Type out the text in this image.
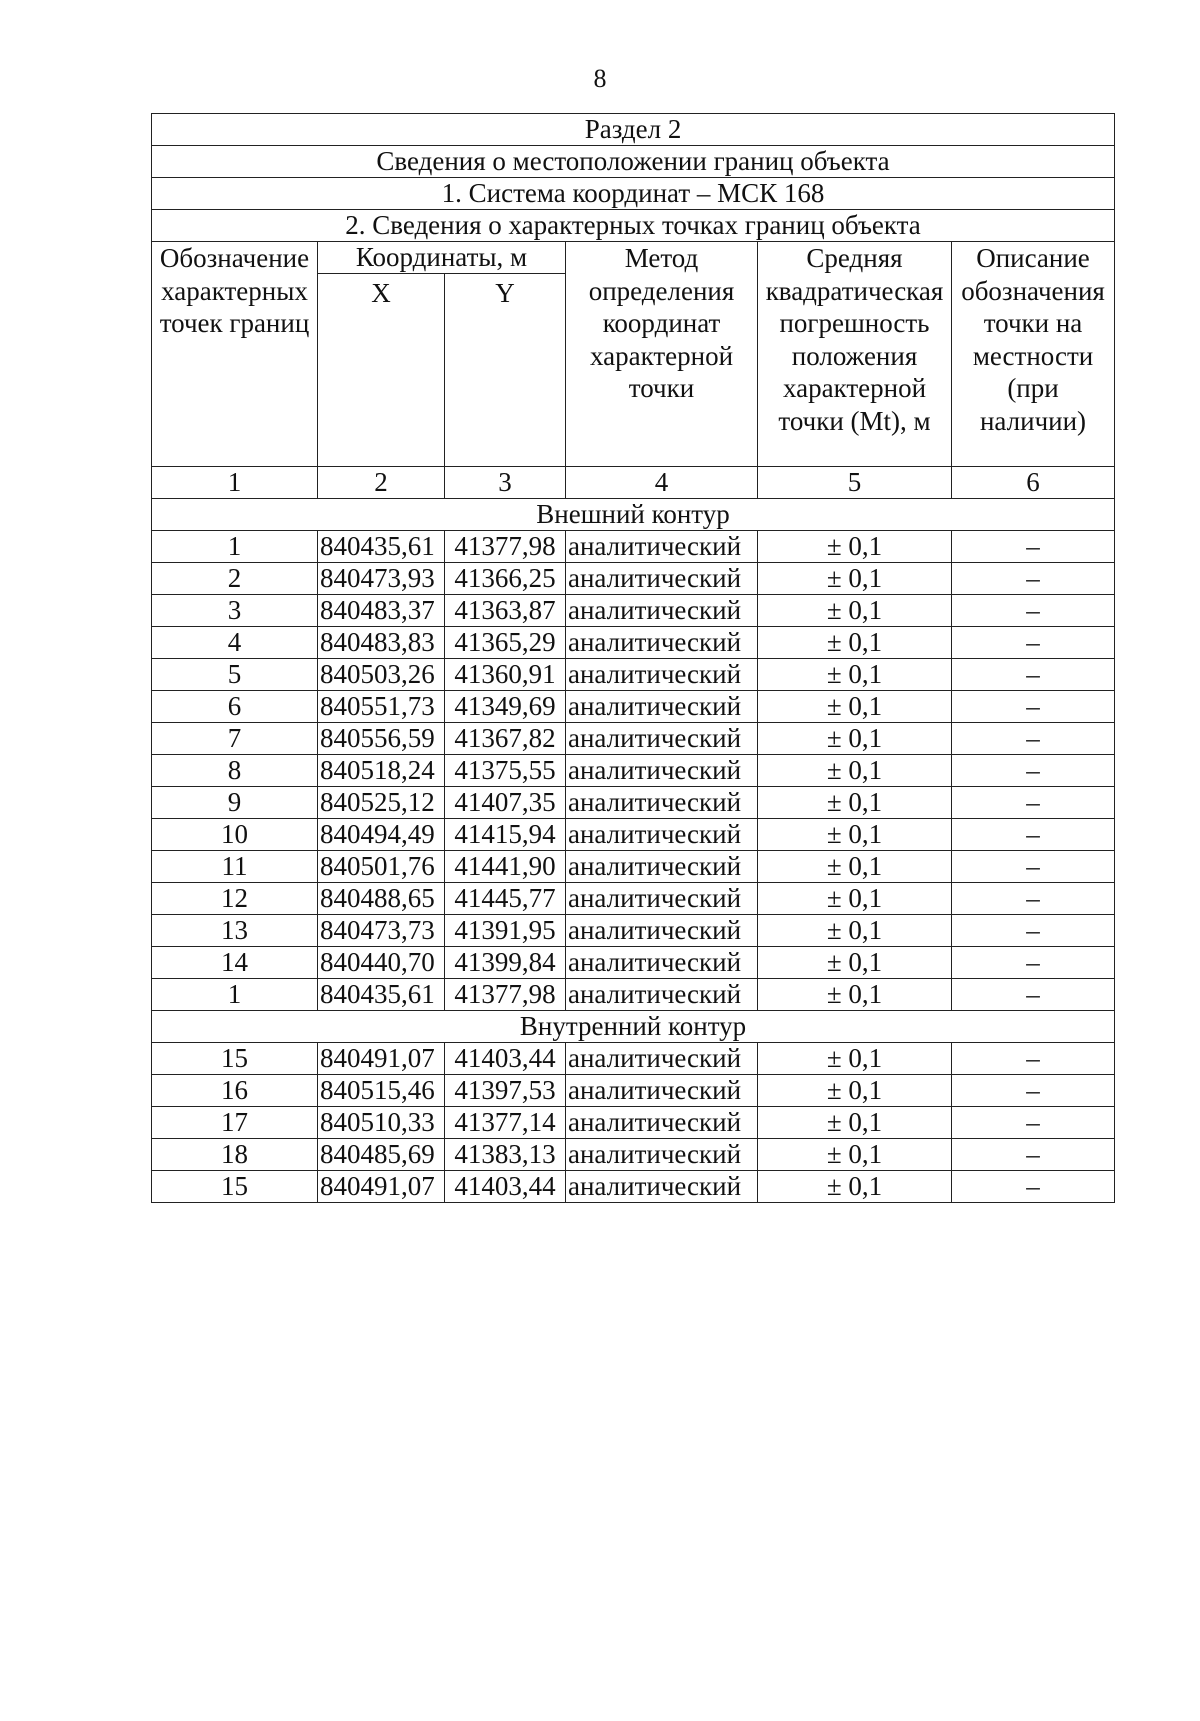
8
Раздел 2					
Сведения о местоположении границ объекта					
1. Система координат – МСК 168					
2. Сведения о характерных точках границ объекта					
Обозначение характерных точек границ	Координаты, м		Метод определения координат характерной точки	Средняя квадратическая погрешность положения характерной точки (Mt), м	Описание обозначения точки на местности (при наличии)
	X	Y			
1	2	3	4	5	6
Внешний контур					
1	840435,61	41377,98	аналитический	± 0,1	–
2	840473,93	41366,25	аналитический	± 0,1	–
3	840483,37	41363,87	аналитический	± 0,1	–
4	840483,83	41365,29	аналитический	± 0,1	–
5	840503,26	41360,91	аналитический	± 0,1	–
6	840551,73	41349,69	аналитический	± 0,1	–
7	840556,59	41367,82	аналитический	± 0,1	–
8	840518,24	41375,55	аналитический	± 0,1	–
9	840525,12	41407,35	аналитический	± 0,1	–
10	840494,49	41415,94	аналитический	± 0,1	–
11	840501,76	41441,90	аналитический	± 0,1	–
12	840488,65	41445,77	аналитический	± 0,1	–
13	840473,73	41391,95	аналитический	± 0,1	–
14	840440,70	41399,84	аналитический	± 0,1	–
1	840435,61	41377,98	аналитический	± 0,1	–
Внутренний контур					
15	840491,07	41403,44	аналитический	± 0,1	–
16	840515,46	41397,53	аналитический	± 0,1	–
17	840510,33	41377,14	аналитический	± 0,1	–
18	840485,69	41383,13	аналитический	± 0,1	–
15	840491,07	41403,44	аналитический	± 0,1	–
